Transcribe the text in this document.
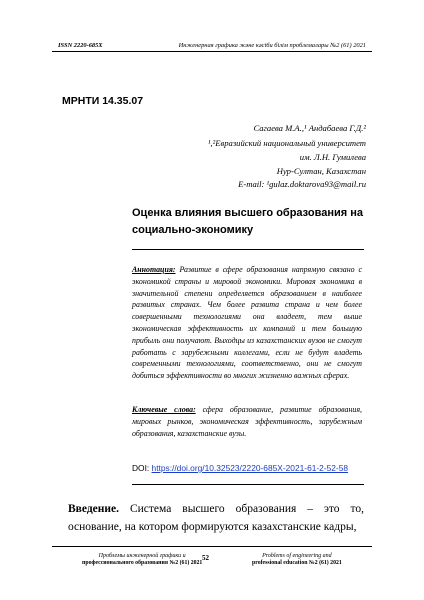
ISSN 2220-685X	Инженерная графика және кәсіби білім проблемалары №2 (61) 2021
МРНТИ 14.35.07
Сагаева М.А.,¹ Андабаева Г.Д.²
¹,²Евразийский национальный университет
им. Л.Н. Гумилева
Нур-Султан, Казахстан
E-mail: ¹gulaz.doktarova93@mail.ru
Оценка влияния высшего образования на социально-экономику
Аннотация: Развитие в сфере образования напрямую связано с экономикой страны и мировой экономики. Мировая экономика в значительной степени определяется образованием в наиболее развитых странах. Чем более развита страна и чем более совершенными технологиями она владеет, тем выше экономическая эффективность их компаний и тем большую прибыль они получают. Выходцы из казахстанских вузов не смогут работать с зарубежными коллегами, если не будут владеть современными технологиями, соответственно, они не смогут добиться эффективности во многих жизненно важных сферах.
Ключевые слова: сфера образование, развитие образования, мировых рынков, экономическая эффективность, зарубежным образования, казахстанские вузы.
DOI: https://doi.org/10.32523/2220-685X-2021-61-2-52-58
Введение. Система высшего образования – это то, основание, на котором формируются казахстанские кадры,
Проблемы инженерной графики и
профессионального образования №2 (61) 2021
52	Problems of engineering and
professional education №2 (61) 2021
